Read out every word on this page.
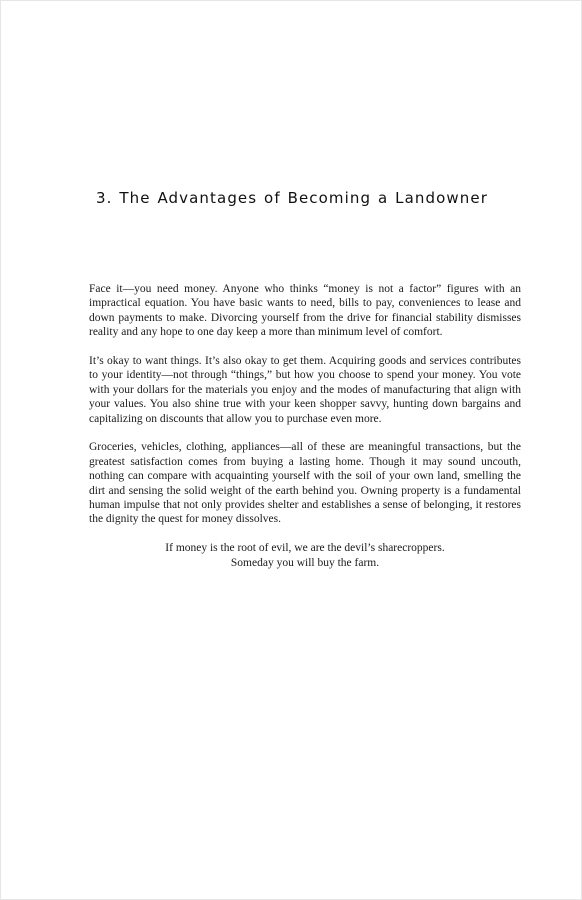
3. The Advantages of Becoming a Landowner

Face it—you need money. Anyone who thinks “money is not a factor” figures with an impractical equation. You have basic wants to need, bills to pay, conveniences to lease and down payments to make. Divorcing yourself from the drive for financial stability dismisses reality and any hope to one day keep a more than minimum level of comfort.

It’s okay to want things. It’s also okay to get them. Acquiring goods and services contributes to your identity—not through “things,” but how you choose to spend your money. You vote with your dollars for the materials you enjoy and the modes of manufacturing that align with your values. You also shine true with your keen shopper savvy, hunting down bargains and capitalizing on discounts that allow you to purchase even more.

Groceries, vehicles, clothing, appliances—all of these are meaningful transactions, but the greatest satisfaction comes from buying a lasting home. Though it may sound uncouth, nothing can compare with acquainting yourself with the soil of your own land, smelling the dirt and sensing the solid weight of the earth behind you. Owning property is a fundamental human impulse that not only provides shelter and establishes a sense of belonging, it restores the dignity the quest for money dissolves.

If money is the root of evil, we are the devil’s sharecroppers.
Someday you will buy the farm.
